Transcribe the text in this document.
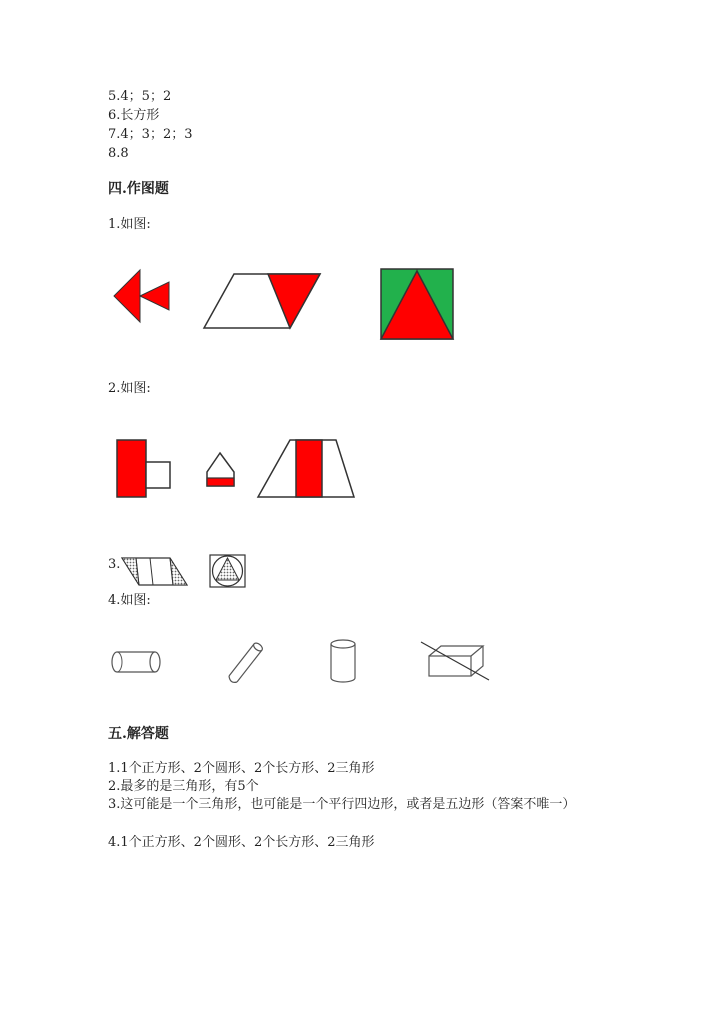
5.4；5；2
6.长方形
7.4；3；2；3
8.8
四.作图题
1.如图:
2.如图:
3.
4.如图:
五.解答题
1.1个正方形、2个圆形、2个长方形、2三角形
2.最多的是三角形，有5个
3.这可能是一个三角形，也可能是一个平行四边形，或者是五边形（答案不唯一）
4.1个正方形、2个圆形、2个长方形、2三角形
